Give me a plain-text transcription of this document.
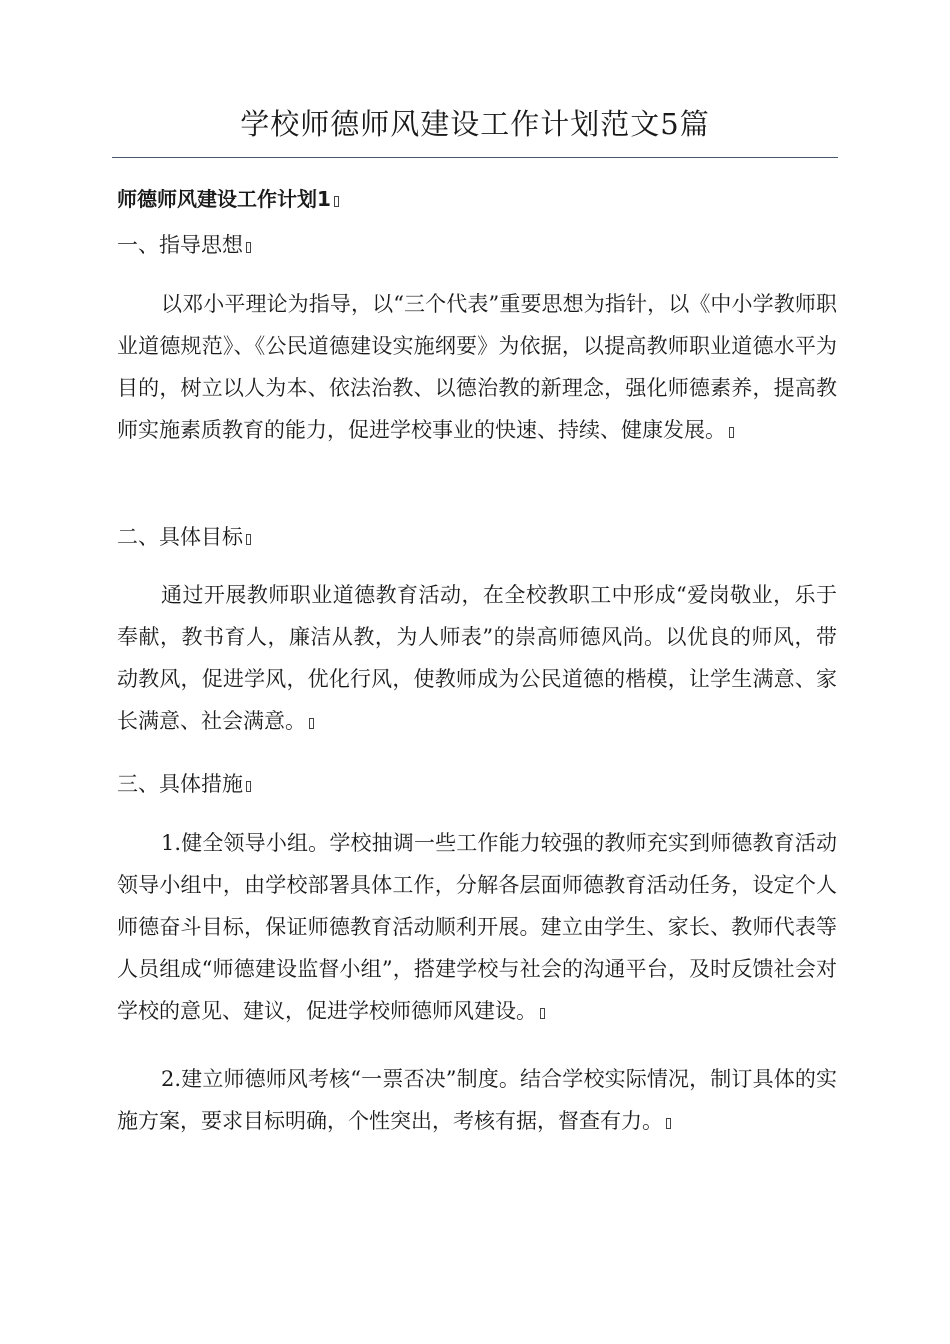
学校师德师风建设工作计划范文5篇
师德师风建设工作计划1
一、指导思想
以邓小平理论为指导，以“三个代表”重要思想为指针，以《中小学教师职业道德规范》、《公民道德建设实施纲要》为依据，以提高教师职业道德水平为目的，树立以人为本、依法治教、以德治教的新理念，强化师德素养，提高教师实施素质教育的能力，促进学校事业的快速、持续、健康发展。
二、具体目标
通过开展教师职业道德教育活动，在全校教职工中形成“爱岗敬业，乐于奉献，教书育人，廉洁从教，为人师表”的崇高师德风尚。以优良的师风，带动教风，促进学风，优化行风，使教师成为公民道德的楷模，让学生满意、家长满意、社会满意。
三、具体措施
1.健全领导小组。学校抽调一些工作能力较强的教师充实到师德教育活动领导小组中，由学校部署具体工作，分解各层面师德教育活动任务，设定个人师德奋斗目标，保证师德教育活动顺利开展。建立由学生、家长、教师代表等人员组成“师德建设监督小组”，搭建学校与社会的沟通平台，及时反馈社会对学校的意见、建议，促进学校师德师风建设。
2.建立师德师风考核“一票否决”制度。结合学校实际情况，制订具体的实施方案，要求目标明确，个性突出，考核有据，督查有力。
